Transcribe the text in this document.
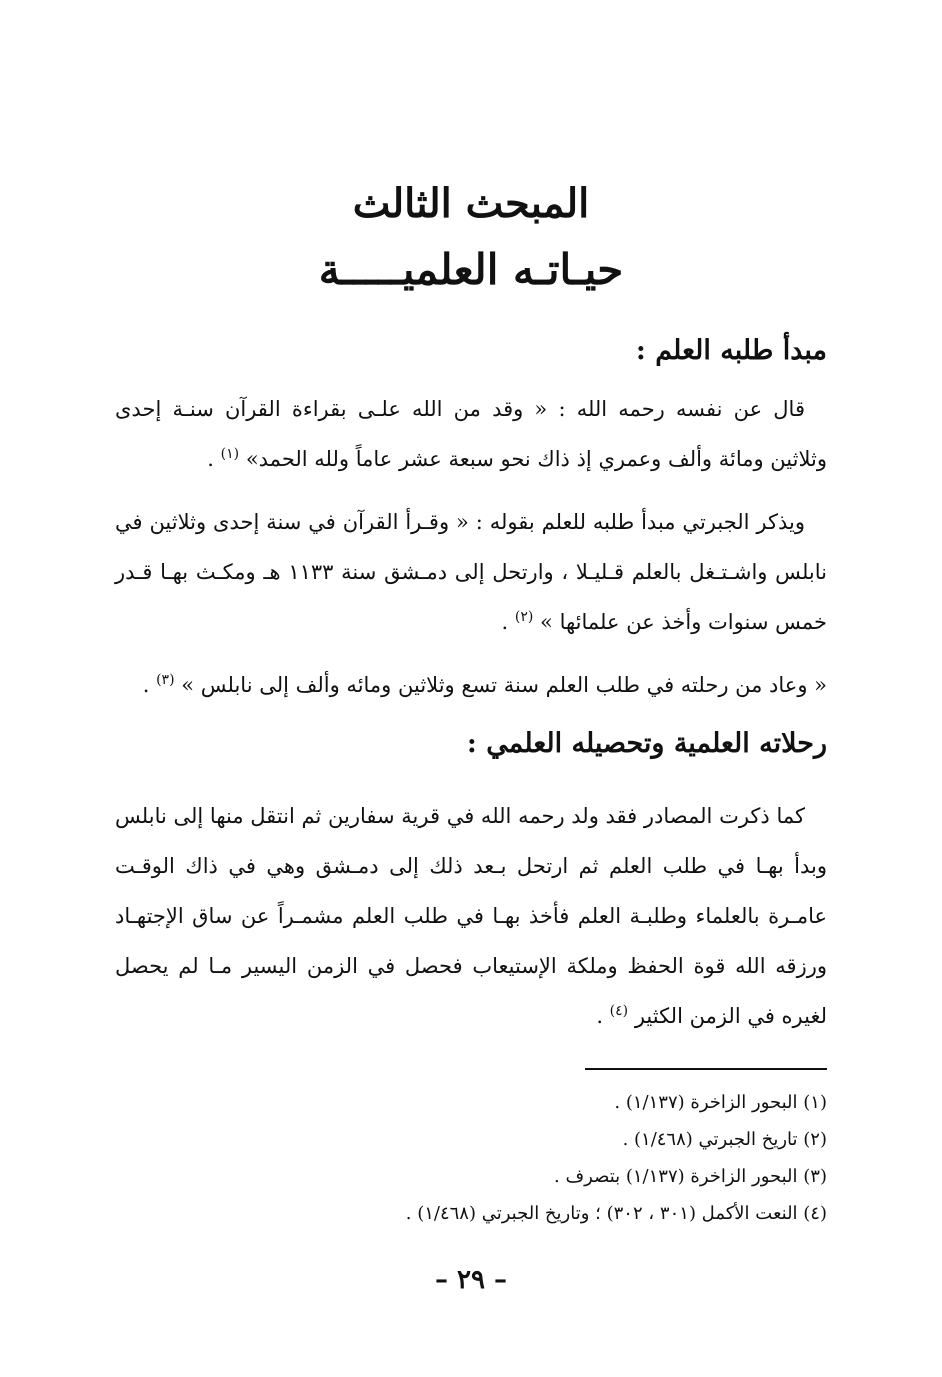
المبحث الثالث
حيـاتـه العلميـــــة
مبدأ طلبه العلم :
قال عن نفسه رحمه الله : « وقد من الله علـى بقراءة القرآن سنـة إحدى وثلاثين ومائة وألف وعمري إذ ذاك نحو سبعة عشر عاماً ولله الحمد» $^{(١)}$ .
ويذكر الجبرتي مبدأ طلبه للعلم بقوله : « وقـرأ القرآن في سنة إحدى وثلاثين في نابلس واشـتـغل بالعلم قـليـلا ، وارتحل إلى دمـشق سنة ١١٣٣ هـ ومكـث بهـا قـدر خمس سنوات وأخذ عن علمائها » $^{(٢)}$ .
« وعاد من رحلته في طلب العلم سنة تسع وثلاثين ومائه وألف إلى نابلس » $^{(٣)}$ .
رحلاته العلمية وتحصيله العلمي :
كما ذكرت المصادر فقد ولد رحمه الله في قرية سفارين ثم انتقل منها إلى نابلس وبدأ بهـا في طلب العلم ثم ارتحل بـعد ذلك إلى دمـشق وهي في ذاك الوقـت عامـرة بالعلماء وطلبـة العلم فأخذ بهـا في طلب العلم مشمـراً عن ساق الإجتهـاد ورزقه الله قوة الحفظ وملكة الإستيعاب فحصل في الزمن اليسير مـا لم يحصل لغيره في الزمن الكثير $^{(٤)}$ .
(١) البحور الزاخرة (١/١٣٧) .
(٢) تاريخ الجبرتي (١/٤٦٨) .
(٣) البحور الزاخرة (١/١٣٧) بتصرف .
(٤) النعت الأكمل (٣٠١ ، ٣٠٢) ؛ وتاريخ الجبرتي (١/٤٦٨) .
– ٢٩ –
